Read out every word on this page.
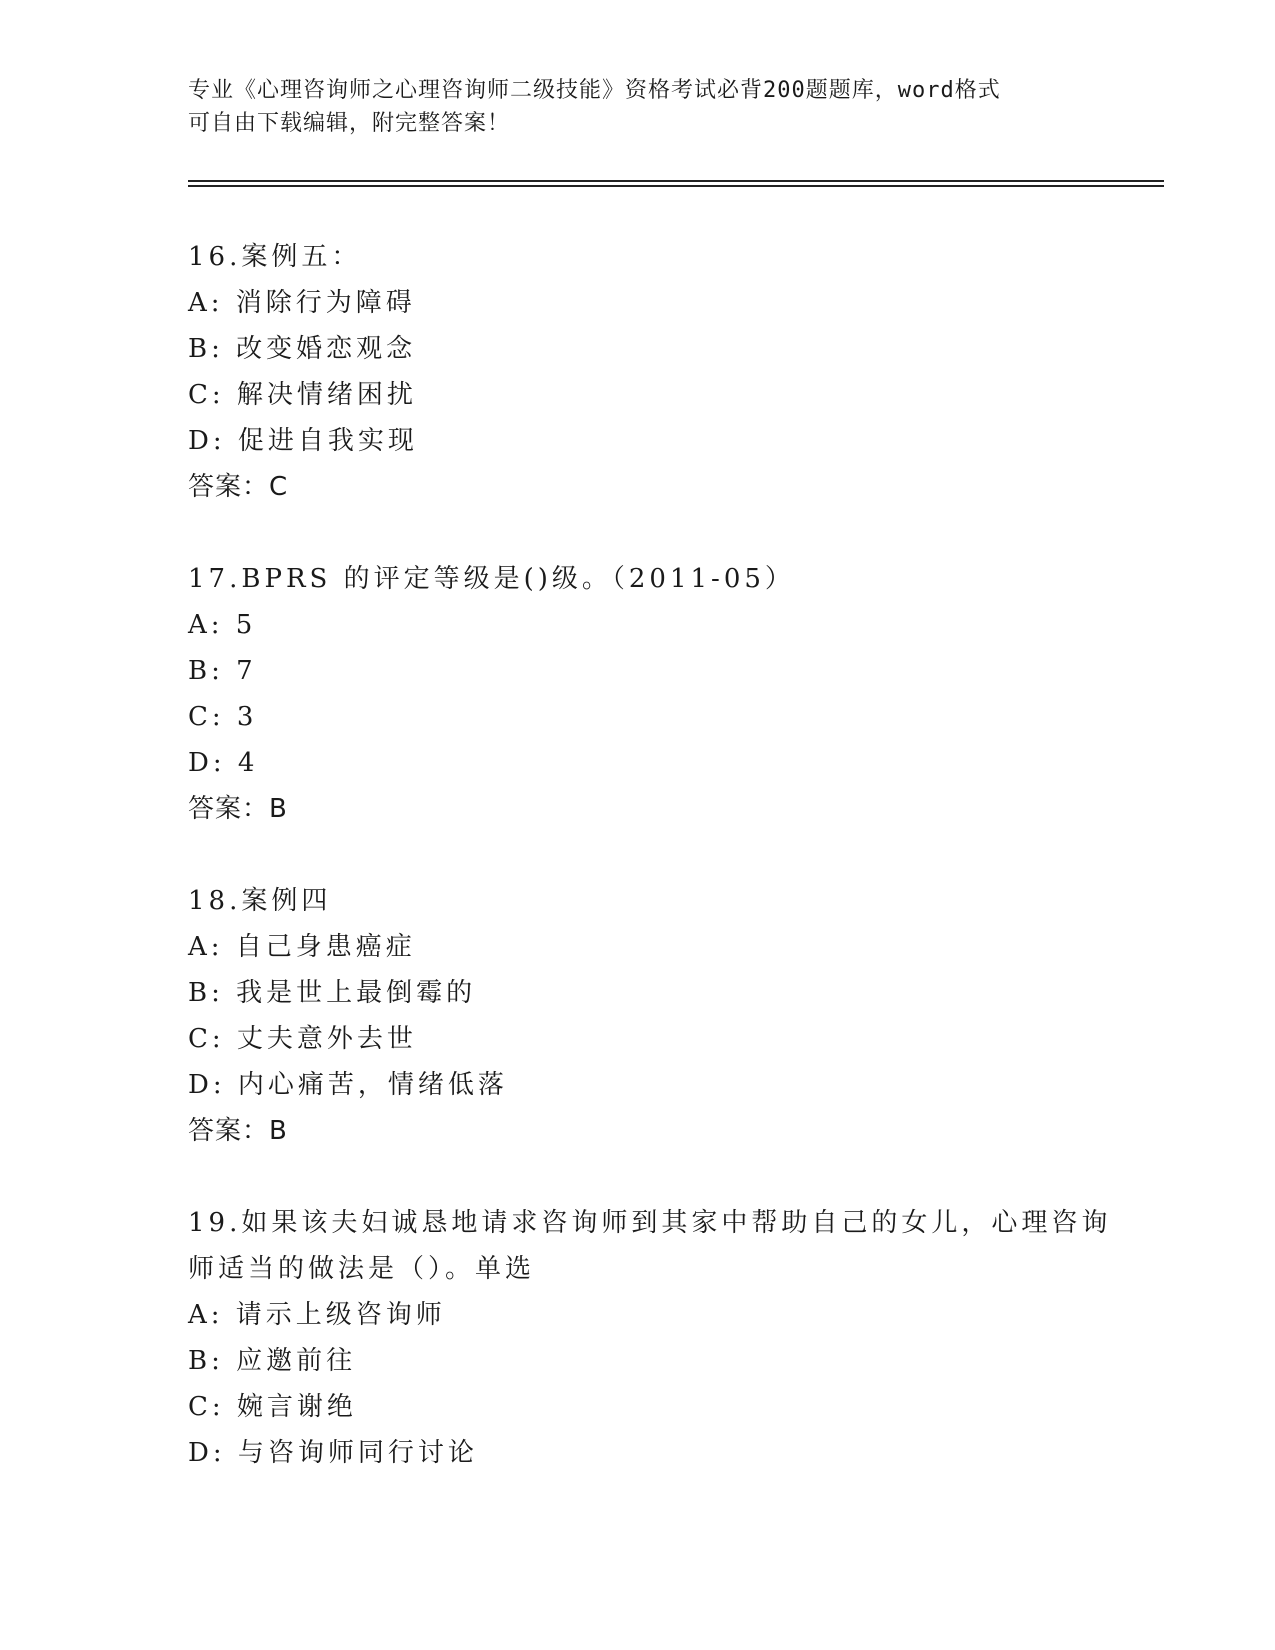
专业《心理咨询师之心理咨询师二级技能》资格考试必背200题题库，word格式
可自由下载编辑，附完整答案！
16.案例五：
A: 消除行为障碍
B: 改变婚恋观念
C: 解决情绪困扰
D: 促进自我实现
答案：C
17.BPRS 的评定等级是()级。（2011-05）
A: 5
B: 7
C: 3
D: 4
答案：B
18.案例四
A: 自己身患癌症
B: 我是世上最倒霉的
C: 丈夫意外去世
D: 内心痛苦，情绪低落
答案：B
19.如果该夫妇诚恳地请求咨询师到其家中帮助自己的女儿，心理咨询
师适当的做法是（）。单选
A: 请示上级咨询师
B: 应邀前往
C: 婉言谢绝
D: 与咨询师同行讨论
